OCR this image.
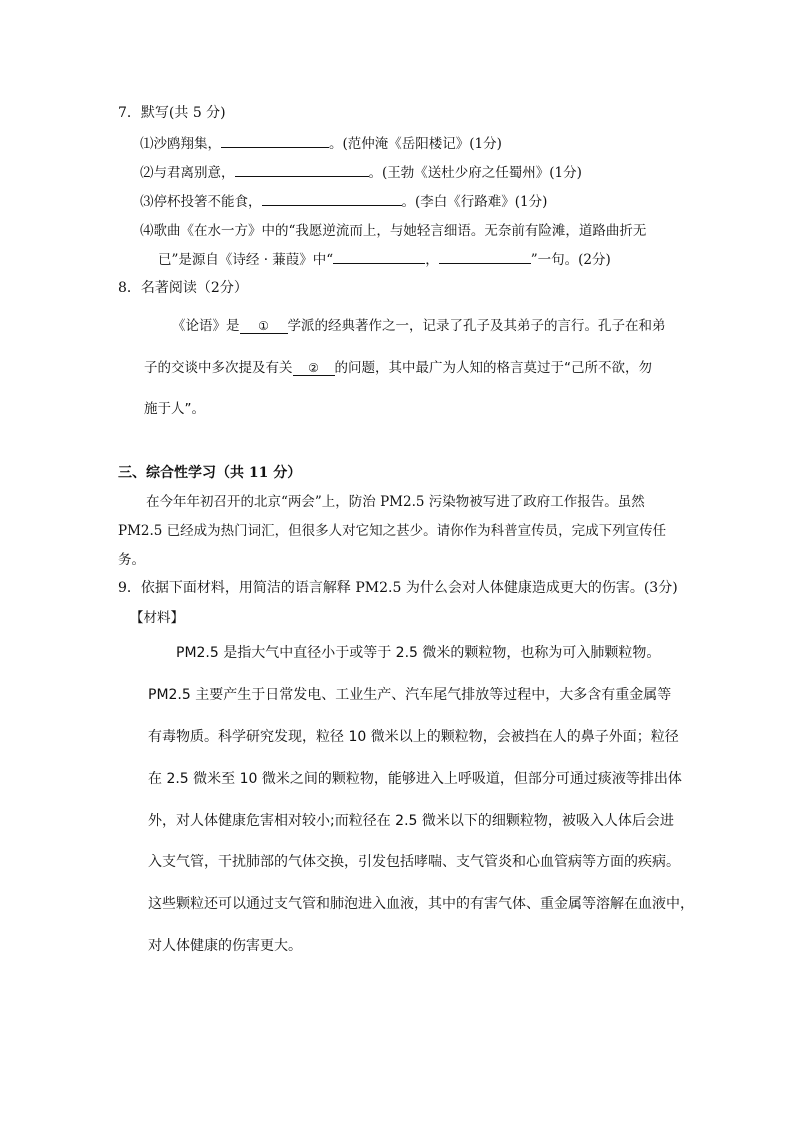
7．默写(共 5 分)
⑴沙鸥翔集，	。(范仲淹《岳阳楼记》(1分)
⑵与君离别意，	。(王勃《送杜少府之任蜀州》(1分)
⑶停杯投箸不能食，	。(李白《行路难》(1分)
⑷歌曲《在水一方》中的“我愿逆流而上，与她轻言细语。无奈前有险滩，道路曲折无
已”是源自《诗经 · 蒹葭》中“	，	”一句。(2分)
8．名著阅读（2分）
《论语》是 ① 学派的经典著作之一，记录了孔子及其弟子的言行。孔子在和弟
子的交谈中多次提及有关 ② 的问题，其中最广为人知的格言莫过于“己所不欲，勿
施于人”。
三、综合性学习（共 11 分）
在今年年初召开的北京“两会”上，防治 PM2.5 污染物被写进了政府工作报告。虽然
PM2.5 已经成为热门词汇，但很多人对它知之甚少。请你作为科普宣传员，完成下列宣传任
务。
9．依据下面材料，用简洁的语言解释 PM2.5 为什么会对人体健康造成更大的伤害。(3分)
【材料】
PM2.5 是指大气中直径小于或等于 2.5 微米的颗粒物，也称为可入肺颗粒物。
PM2.5 主要产生于日常发电、工业生产、汽车尾气排放等过程中，大多含有重金属等
有毒物质。科学研究发现，粒径 10 微米以上的颗粒物，会被挡在人的鼻子外面；粒径
在 2.5 微米至 10 微米之间的颗粒物，能够进入上呼吸道，但部分可通过痰液等排出体
外，对人体健康危害相对较小;而粒径在 2.5 微米以下的细颗粒物，被吸入人体后会进
入支气管，干扰肺部的气体交换，引发包括哮喘、支气管炎和心血管病等方面的疾病。
这些颗粒还可以通过支气管和肺泡进入血液，其中的有害气体、重金属等溶解在血液中，
对人体健康的伤害更大。
